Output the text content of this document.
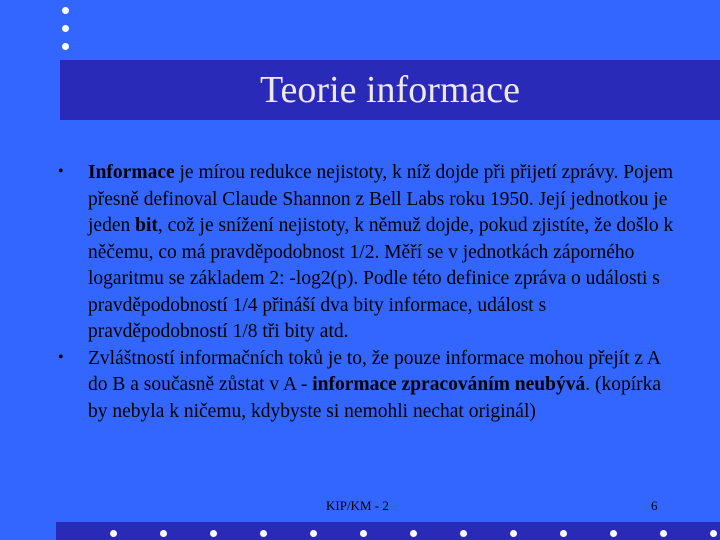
Teorie informace
• Informace je mírou redukce nejistoty, k níž dojde při přijetí zprávy. Pojem přesně definoval Claude Shannon z Bell Labs roku 1950. Její jednotkou je jeden bit, což je snížení nejistoty, k němuž dojde, pokud zjistíte, že došlo k něčemu, co má pravděpodobnost 1/2. Měří se v jednotkách záporného logaritmu se základem 2: -log2(p). Podle této definice zpráva o události s pravděpodobností 1/4 přináší dva bity informace, událost s pravděpodobností 1/8 tři bity atd.
• Zvláštností informačních toků je to, že pouze informace mohou přejít z A do B a současně zůstat v A - informace zpracováním neubývá. (kopírka by nebyla k ničemu, kdybyste si nemohli nechat originál)
KIP/KM - 2	6
